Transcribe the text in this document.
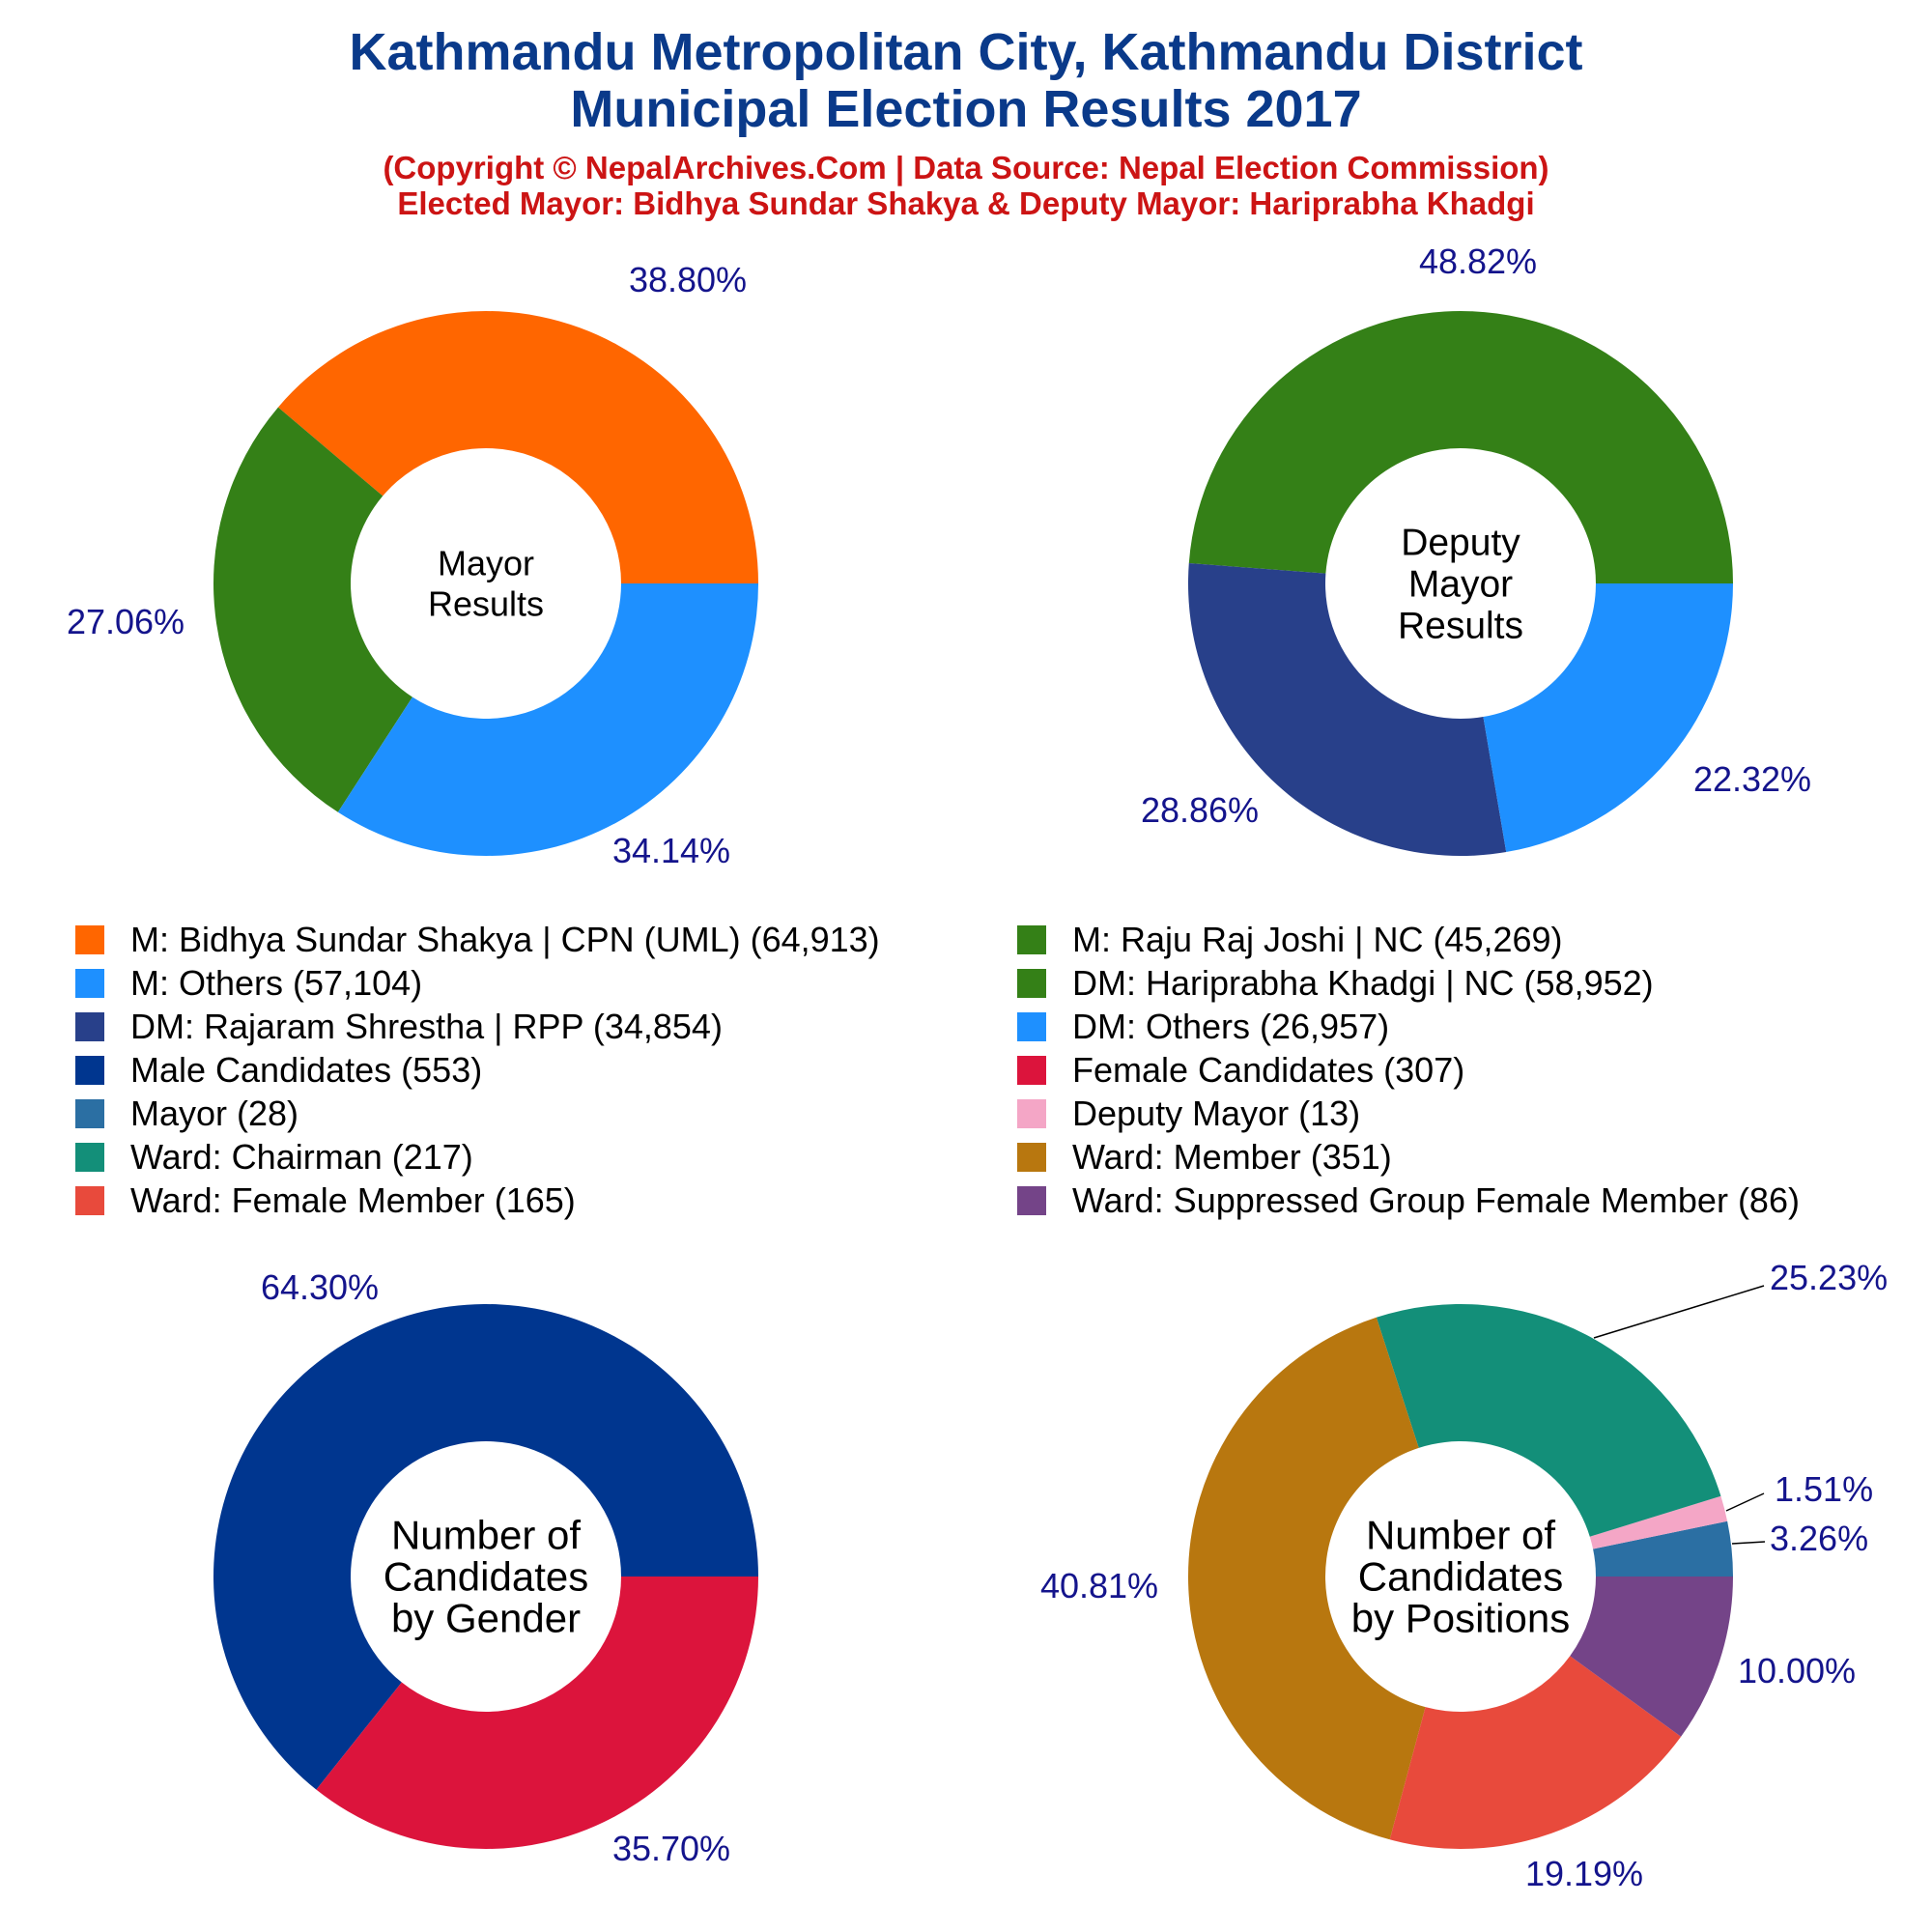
Kathmandu Metropolitan City, Kathmandu District
Municipal Election Results 2017
(Copyright © NepalArchives.Com | Data Source: Nepal Election Commission)
Elected Mayor: Bidhya Sundar Shakya & Deputy Mayor: Hariprabha Khadgi
Mayor
Results
38.80%
27.06%
34.14%
Deputy
Mayor
Results
48.82%
28.86%
22.32%
Number of
Candidates
by Gender
64.30%
35.70%
Number of
Candidates
by Positions
3.26%
1.51%
25.23%
40.81%
19.19%
10.00%
M: Bidhya Sundar Shakya | CPN (UML) (64,913)	M: Raju Raj Joshi | NC (45,269)
M: Others (57,104)	DM: Hariprabha Khadgi | NC (58,952)
DM: Rajaram Shrestha | RPP (34,854)	DM: Others (26,957)
Male Candidates (553)	Female Candidates (307)
Mayor (28)	Deputy Mayor (13)
Ward: Chairman (217)	Ward: Member (351)
Ward: Female Member (165)	Ward: Suppressed Group Female Member (86)
